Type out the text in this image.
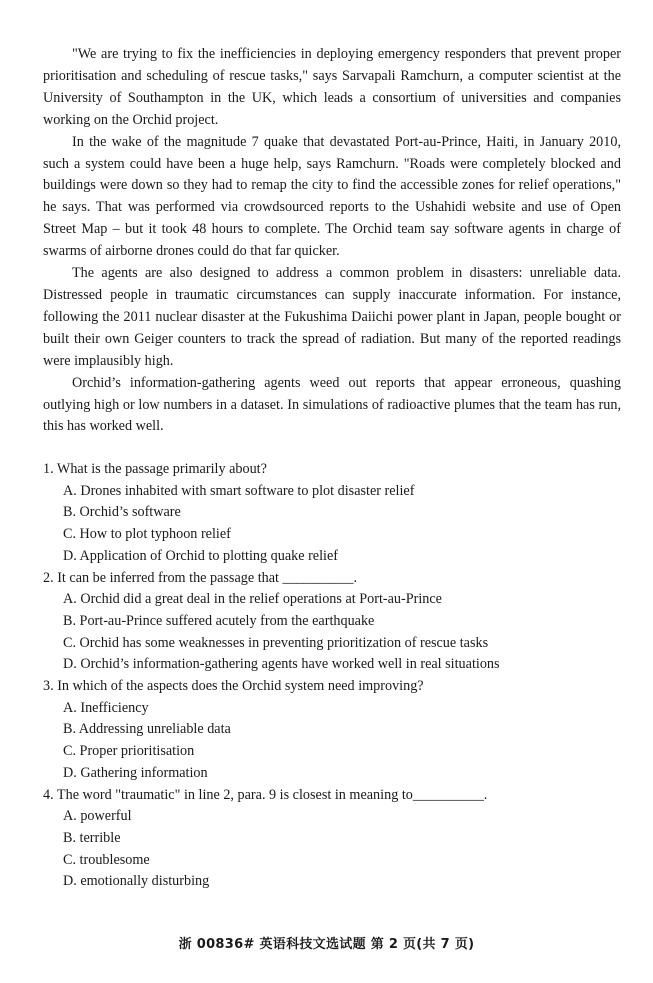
"We are trying to fix the inefficiencies in deploying emergency responders that prevent proper prioritisation and scheduling of rescue tasks," says Sarvapali Ramchurn, a computer scientist at the University of Southampton in the UK, which leads a consortium of universities and companies working on the Orchid project.

In the wake of the magnitude 7 quake that devastated Port-au-Prince, Haiti, in January 2010, such a system could have been a huge help, says Ramchurn. "Roads were completely blocked and buildings were down so they had to remap the city to find the accessible zones for relief operations," he says. That was performed via crowdsourced reports to the Ushahidi website and use of Open Street Map – but it took 48 hours to complete. The Orchid team say software agents in charge of swarms of airborne drones could do that far quicker.

The agents are also designed to address a common problem in disasters: unreliable data. Distressed people in traumatic circumstances can supply inaccurate information. For instance, following the 2011 nuclear disaster at the Fukushima Daiichi power plant in Japan, people bought or built their own Geiger counters to track the spread of radiation. But many of the reported readings were implausibly high.

Orchid’s information-gathering agents weed out reports that appear erroneous, quashing outlying high or low numbers in a dataset. In simulations of radioactive plumes that the team has run, this has worked well.

1. What is the passage primarily about?

A. Drones inhabited with smart software to plot disaster relief

B. Orchid’s software

C. How to plot typhoon relief

D. Application of Orchid to plotting quake relief

2. It can be inferred from the passage that __________.

A. Orchid did a great deal in the relief operations at Port-au-Prince

B. Port-au-Prince suffered acutely from the earthquake

C. Orchid has some weaknesses in preventing prioritization of rescue tasks

D. Orchid’s information-gathering agents have worked well in real situations

3. In which of the aspects does the Orchid system need improving?

A. Inefficiency

B. Addressing unreliable data

C. Proper prioritisation

D. Gathering information

4. The word "traumatic" in line 2, para. 9 is closest in meaning to__________.

A. powerful

B. terrible

C. troublesome

D. emotionally disturbing

浙 00836# 英语科技文选试题 第 2 页(共 7 页)
